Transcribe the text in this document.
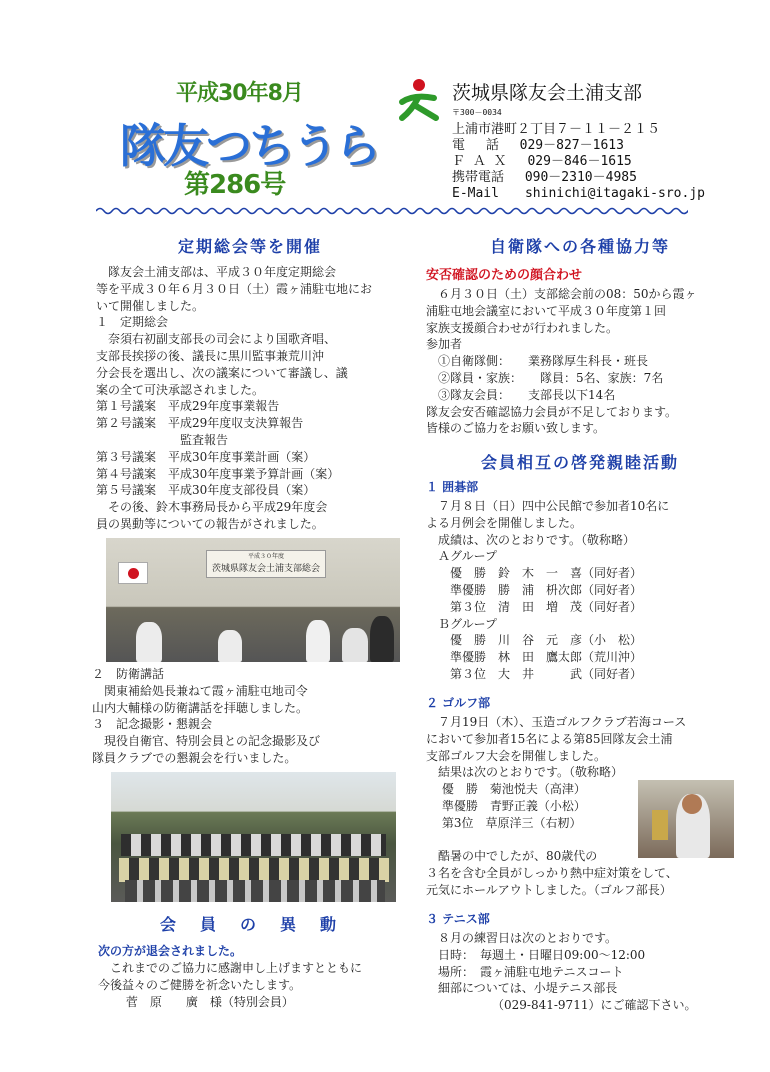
平成30年8月
隊友つちうら
第286号
茨城県隊友会土浦支部
〒300－0034
上浦市港町２丁目７－１１－２１５
電　 話　 029－827－1613
Ｆ Ａ Ｘ　 029－846－1615
携帯電話　 090－2310－4985
E-Mail　　shinichi@itagaki-sro.jp
定期総会等を開催
　隊友会土浦支部は、平成３０年度定期総会
等を平成３０年６月３０日（土）霞ヶ浦駐屯地にお
いて開催しました。
１　定期総会
　奈須右初副支部長の司会により国歌斉唱、
支部長挨拶の後、議長に黒川監事兼荒川沖
分会長を選出し、次の議案について審議し、議
案の全て可決承認されました。
第１号議案　平成29年度事業報告
第２号議案　平成29年度収支決算報告
　　　　　　　監査報告
第３号議案　平成30年度事業計画（案）
第４号議案　平成30年度事業予算計画（案）
第５号議案　平成30年度支部役員（案）
　その後、鈴木事務局長から平成29年度会
員の異動等についての報告がされました。
平成３０年度
茨城県隊友会土浦支部総会
２　防衛講話
　関東補給処長兼ねて霞ヶ浦駐屯地司令
山内大輔様の防衛講話を拝聴しました。
３　記念撮影・懇親会
　現役自衛官、特別会員との記念撮影及び
隊員クラブでの懇親会を行いました。
会　員　の　異　動
次の方が退会されました。
　これまでのご協力に感謝申し上げますとともに
今後益々のご健勝を祈念いたします。
　　 菅　原　　廣　様（特別会員）
自衛隊への各種協力等
安否確認のための顔合わせ
　６月３０日（土）支部総会前の08：50から霞ヶ
浦駐屯地会議室において平成３０年度第１回
家族支援顔合わせが行われました。
参加者
　①自衛隊側：　　業務隊厚生科長・班長
　②隊員・家族：　　隊員：5名、家族：7名
　③隊友会員：　　支部長以下14名
隊友会安否確認協力会員が不足しております。
皆様のご協力をお願い致します。
会員相互の啓発親睦活動
１ 囲碁部
　７月８日（日）四中公民館で参加者10名に
よる月例会を開催しました。
　成績は、次のとおりです。（敬称略）
　Ａグループ
　　優　勝　鈴　木　一　喜（同好者）
　　準優勝　勝　浦　枡次郎（同好者）
　　第３位　清　田　増　茂（同好者）
　Ｂグループ
　　優　勝　川　谷　元　彦（小　松）
　　準優勝　林　田　鷹太郎（荒川沖）
　　第３位　大　井　　　武（同好者）
２ ゴルフ部
　７月19日（木）、玉造ゴルフクラブ若海コース
において参加者15名による第85回隊友会土浦
支部ゴルフ大会を開催しました。
　結果は次のとおりです。（敬称略）
　 優　勝　菊池悦夫（高津）
　 準優勝　青野正義（小松）
　 第3位　草原洋三（右籾）

　酷暑の中でしたが、80歳代の
３名を含む全員がしっかり熱中症対策をして、
元気にホールアウトしました。（ゴルフ部長）
３ テニス部
　８月の練習日は次のとおりです。
　日時：　毎週土・日曜日09:00～12:00
　場所：　霞ヶ浦駐屯地テニスコート
　細部については、小堤テニス部長
　　　　　　（029-841-9711）にご確認下さい。
